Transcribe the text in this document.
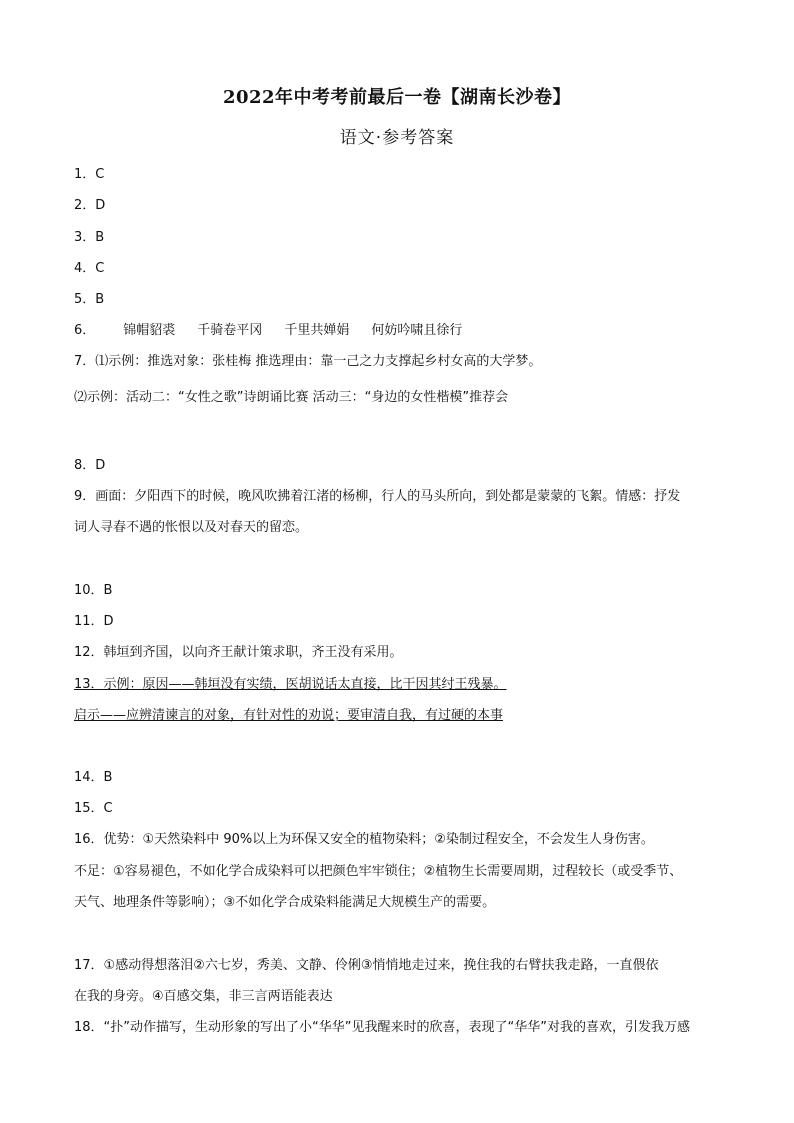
2022年中考考前最后一卷【湖南长沙卷】
语文·参考答案
1．C
2．D
3．B
4．C
5．B
6． 锦帽貂裘 千骑卷平冈 千里共婵娟 何妨吟啸且徐行
7．⑴示例：推选对象：张桂梅 推选理由：靠一己之力支撑起乡村女高的大学梦。
⑵示例：活动二：“女性之歌”诗朗诵比赛 活动三：“身边的女性楷模”推荐会
8．D
9．画面：夕阳西下的时候，晚风吹拂着江渚的杨柳，行人的马头所向，到处都是蒙蒙的飞絮。情感：抒发
词人寻春不遇的怅恨以及对春天的留恋。
10．B
11．D
12．韩垣到齐国，以向齐王献计策求职，齐王没有采用。
13．示例：原因——韩垣没有实绩，医胡说话太直接，比干因其纣王残暴。
启示——应辨清谏言的对象，有针对性的劝说；要审清自我，有过硬的本事
14．B
15．C
16．优势：①天然染料中 90%以上为环保又安全的植物染料；②染制过程安全，不会发生人身伤害。
不足：①容易褪色，不如化学合成染料可以把颜色牢牢锁住；②植物生长需要周期，过程较长（或受季节、
天气、地理条件等影响）；③不如化学合成染料能满足大规模生产的需要。
17．①感动得想落泪②六七岁，秀美、文静、伶俐③悄悄地走过来，挽住我的右臂扶我走路，一直偎依
在我的身旁。④百感交集，非三言两语能表达
18．“扑”动作描写，生动形象的写出了小“华华”见我醒来时的欣喜，表现了“华华”对我的喜欢，引发我万感
